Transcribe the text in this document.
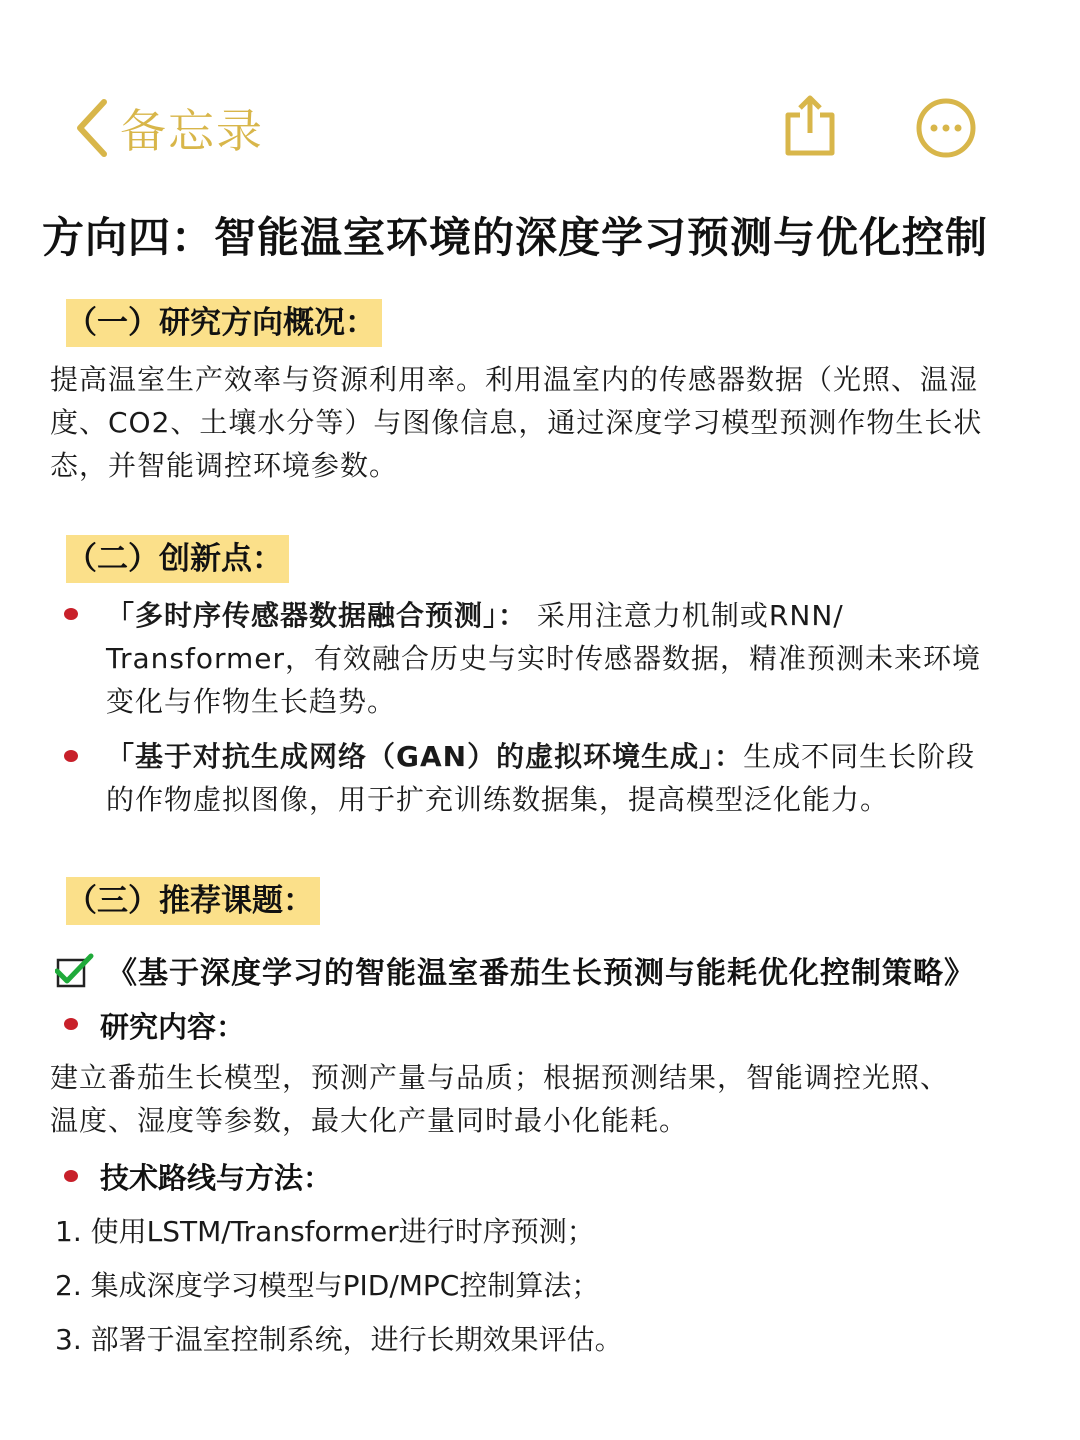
备忘录
方向四：智能温室环境的深度学习预测与优化控制
（一）研究方向概况：
提高温室生产效率与资源利用率。利用温室内的传感器数据（光照、温湿
度、CO2、土壤水分等）与图像信息，通过深度学习模型预测作物生长状
态，并智能调控环境参数。
（二）创新点：
「多时序传感器数据融合预测」： 采用注意力机制或RNN/
Transformer，有效融合历史与实时传感器数据，精准预测未来环境
变化与作物生长趋势。
「基于对抗生成网络（GAN）的虚拟环境生成」：生成不同生长阶段
的作物虚拟图像，用于扩充训练数据集，提高模型泛化能力。
（三）推荐课题：
《基于深度学习的智能温室番茄生长预测与能耗优化控制策略》
研究内容：
建立番茄生长模型，预测产量与品质；根据预测结果，智能调控光照、
温度、湿度等参数，最大化产量同时最小化能耗。
技术路线与方法：
1. 使用LSTM/Transformer进行时序预测；
2. 集成深度学习模型与PID/MPC控制算法；
3. 部署于温室控制系统，进行长期效果评估。
